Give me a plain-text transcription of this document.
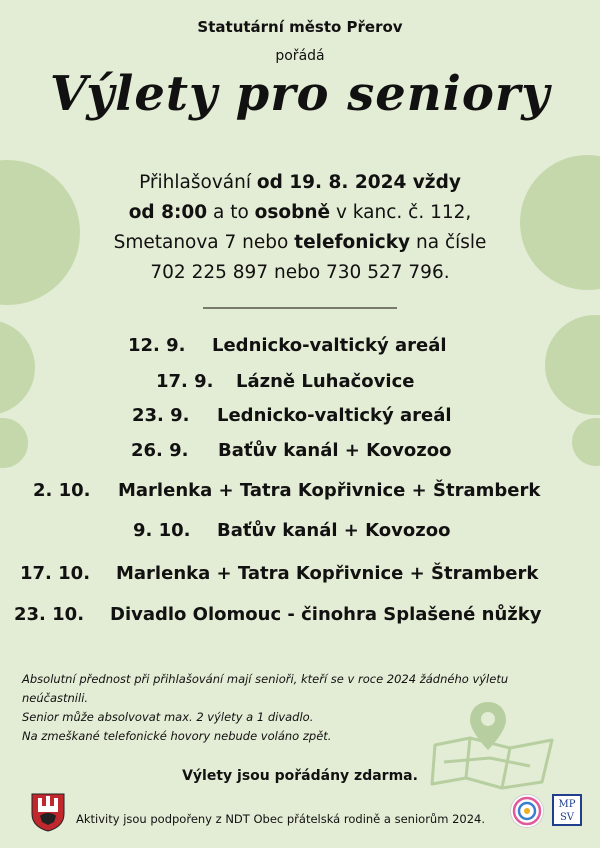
Statutární město Přerov
pořádá
Výlety pro seniory
Přihlašování od 19. 8. 2024 vždy
od 8:00 a to osobně v kanc. č. 112,
Smetanova 7 nebo telefonicky na čísle
702 225 897 nebo 730 527 796.
12. 9. Lednicko-valtický areál
17. 9. Lázně Luhačovice
23. 9. Lednicko-valtický areál
26. 9. Baťův kanál + Kovozoo
2. 10. Marlenka + Tatra Kopřivnice + Štramberk
9. 10. Baťův kanál + Kovozoo
17. 10. Marlenka + Tatra Kopřivnice + Štramberk
23. 10. Divadlo Olomouc - činohra Splašené nůžky

Absolutní přednost při přihlašování mají senioři, kteří se v roce 2024 žádného výletu neúčastnili.

Senior může absolvovat max. 2 výlety a 1 divadlo.

Na zmeškané telefonické hovory nebude voláno zpět.

Výlety jsou pořádány zdarma.
Aktivity jsou podpořeny z NDT Obec přátelská rodině a seniorům 2024.
MP
SV
